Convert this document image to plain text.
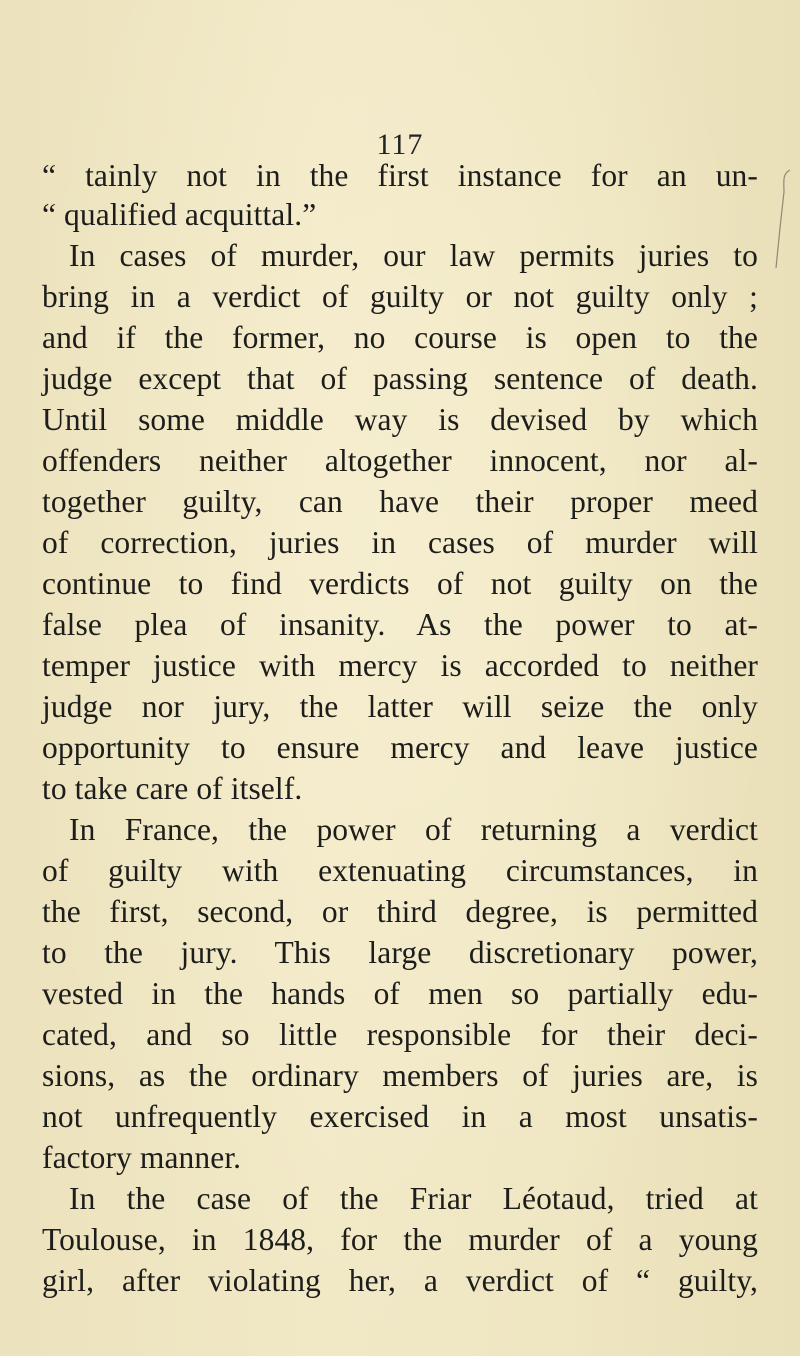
117
“ tainly not in the first instance for an un-
“ qualified acquittal.”
In cases of murder, our law permits juries to
bring in a verdict of guilty or not guilty only ;
and if the former, no course is open to the
judge except that of passing sentence of death.
Until some middle way is devised by which
offenders neither altogether innocent, nor al-
together guilty, can have their proper meed
of correction, juries in cases of murder will
continue to find verdicts of not guilty on the
false plea of insanity. As the power to at-
temper justice with mercy is accorded to neither
judge nor jury, the latter will seize the only
opportunity to ensure mercy and leave justice
to take care of itself.
In France, the power of returning a verdict
of guilty with extenuating circumstances, in
the first, second, or third degree, is permitted
to the jury. This large discretionary power,
vested in the hands of men so partially edu-
cated, and so little responsible for their deci-
sions, as the ordinary members of juries are, is
not unfrequently exercised in a most unsatis-
factory manner.
In the case of the Friar Léotaud, tried at
Toulouse, in 1848, for the murder of a young
girl, after violating her, a verdict of “ guilty,
